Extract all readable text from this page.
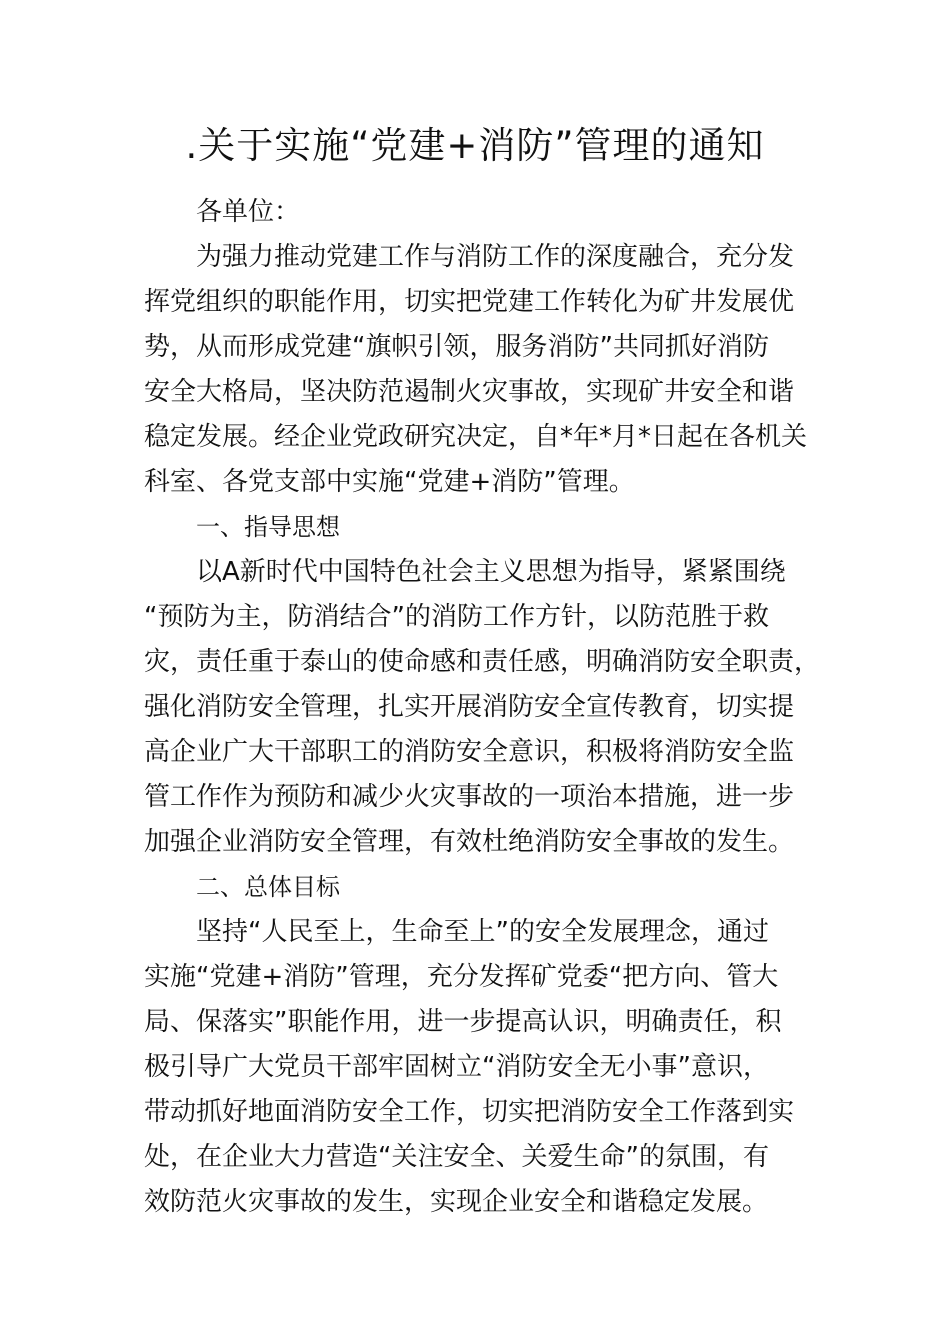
.关于实施“党建+消防”管理的通知

各单位：

为强力推动党建工作与消防工作的深度融合，充分发

挥党组织的职能作用，切实把党建工作转化为矿井发展优

势，从而形成党建“旗帜引领，服务消防”共同抓好消防

安全大格局，坚决防范遏制火灾事故，实现矿井安全和谐

稳定发展。经企业党政研究决定，自*年*月*日起在各机关

科室、各党支部中实施“党建+消防”管理。

一、指导思想

以A新时代中国特色社会主义思想为指导，紧紧围绕

“预防为主，防消结合”的消防工作方针，以防范胜于救

灾，责任重于泰山的使命感和责任感，明确消防安全职责，

强化消防安全管理，扎实开展消防安全宣传教育，切实提

高企业广大干部职工的消防安全意识，积极将消防安全监

管工作作为预防和减少火灾事故的一项治本措施，进一步

加强企业消防安全管理，有效杜绝消防安全事故的发生。

二、总体目标

坚持“人民至上，生命至上”的安全发展理念，通过

实施“党建+消防”管理，充分发挥矿党委“把方向、管大

局、保落实”职能作用，进一步提高认识，明确责任，积

极引导广大党员干部牢固树立“消防安全无小事”意识，

带动抓好地面消防安全工作，切实把消防安全工作落到实

处，在企业大力营造“关注安全、关爱生命”的氛围，有

效防范火灾事故的发生，实现企业安全和谐稳定发展。
